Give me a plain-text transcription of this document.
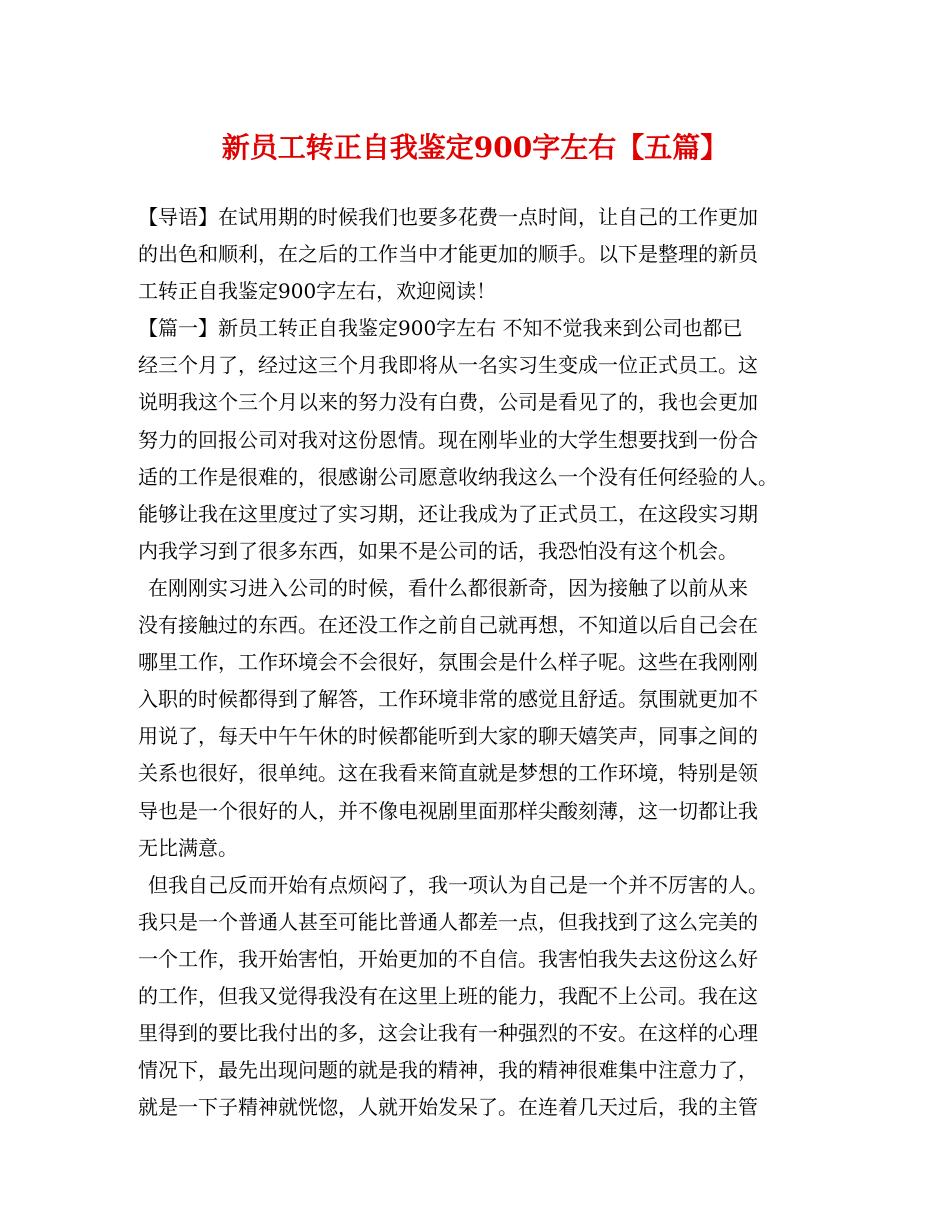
新员工转正自我鉴定900字左右【五篇】
【导语】在试用期的时候我们也要多花费一点时间，让自己的工作更加
的出色和顺利，在之后的工作当中才能更加的顺手。以下是整理的新员
工转正自我鉴定900字左右，欢迎阅读！
【篇一】新员工转正自我鉴定900字左右 不知不觉我来到公司也都已
经三个月了，经过这三个月我即将从一名实习生变成一位正式员工。这
说明我这个三个月以来的努力没有白费，公司是看见了的，我也会更加
努力的回报公司对我对这份恩情。现在刚毕业的大学生想要找到一份合
适的工作是很难的，很感谢公司愿意收纳我这么一个没有任何经验的人。
能够让我在这里度过了实习期，还让我成为了正式员工，在这段实习期
内我学习到了很多东西，如果不是公司的话，我恐怕没有这个机会。
在刚刚实习进入公司的时候，看什么都很新奇，因为接触了以前从来
没有接触过的东西。在还没工作之前自己就再想，不知道以后自己会在
哪里工作，工作环境会不会很好，氛围会是什么样子呢。这些在我刚刚
入职的时候都得到了解答，工作环境非常的感觉且舒适。氛围就更加不
用说了，每天中午午休的时候都能听到大家的聊天嬉笑声，同事之间的
关系也很好，很单纯。这在我看来简直就是梦想的工作环境，特别是领
导也是一个很好的人，并不像电视剧里面那样尖酸刻薄，这一切都让我
无比满意。
但我自己反而开始有点烦闷了，我一项认为自己是一个并不厉害的人。
我只是一个普通人甚至可能比普通人都差一点，但我找到了这么完美的
一个工作，我开始害怕，开始更加的不自信。我害怕我失去这份这么好
的工作，但我又觉得我没有在这里上班的能力，我配不上公司。我在这
里得到的要比我付出的多，这会让我有一种强烈的不安。在这样的心理
情况下，最先出现问题的就是我的精神，我的精神很难集中注意力了，
就是一下子精神就恍惚，人就开始发呆了。在连着几天过后，我的主管
